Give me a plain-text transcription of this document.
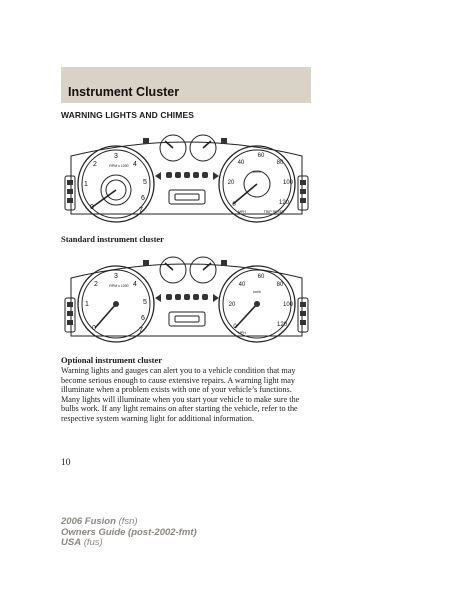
Instrument Cluster
WARNING LIGHTS AND CHIMES
0
1
2
3
4
5
6
7
RPM x 1000
0
20
40
60
80
100
120
MPH
km/h
TRIP RESET
Standard instrument cluster
0
1
2
3
4
5
6
7
RPM x 1000
0
20
40
60
80
100
120
MPH
km/h
Optional instrument cluster
Warning lights and gauges can alert you to a vehicle condition that may
become serious enough to cause extensive repairs. A warning light may
illuminate when a problem exists with one of your vehicle’s functions.
Many lights will illuminate when you start your vehicle to make sure the
bulbs work. If any light remains on after starting the vehicle, refer to the
respective system warning light for additional information.
10
2006 Fusion (fsn)
Owners Guide (post-2002-fmt)
USA (fus)
